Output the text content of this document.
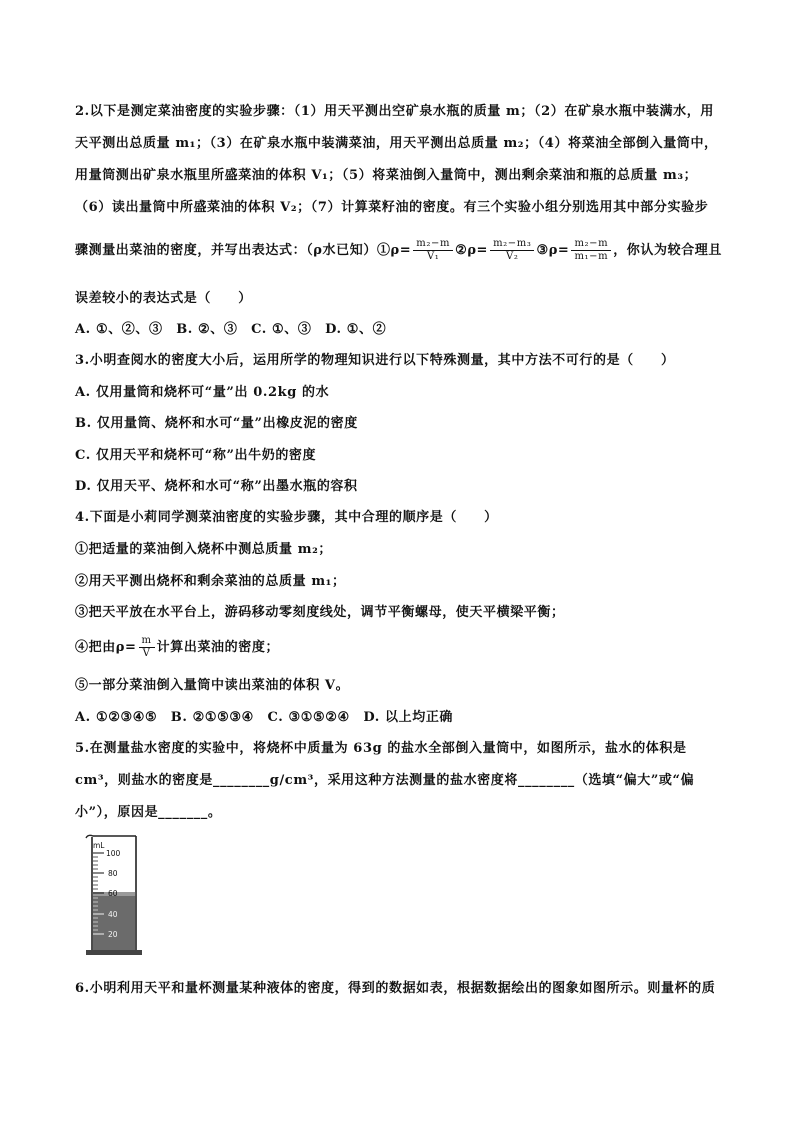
2.以下是测定菜油密度的实验步骤：（1）用天平测出空矿泉水瓶的质量 m；（2）在矿泉水瓶中装满水，用
天平测出总质量 m₁；（3）在矿泉水瓶中装满菜油，用天平测出总质量 m₂；（4）将菜油全部倒入量筒中，
用量筒测出矿泉水瓶里所盛菜油的体积 V₁；（5）将菜油倒入量筒中，测出剩余菜油和瓶的总质量 m₃；
（6）读出量筒中所盛菜油的体积 V₂；（7）计算菜籽油的密度。有三个实验小组分别选用其中部分实验步
骤测量出菜油的密度，并写出表达式：（ρ水已知）①ρ= $\frac{\text{m₂−m}}{\text{V₁}}$ ②ρ= $\frac{\text{m₂−m₃}}{\text{V₂}}$ ③ρ= $\frac{\text{m₂−m}}{\text{m₁−m}}$ ，你认为较合理且
误差较小的表达式是（　　）
A. ①、②、③　B. ②、③　C. ①、③　D. ①、②
3.小明查阅水的密度大小后，运用所学的物理知识进行以下特殊测量，其中方法不可行的是（　　）
A. 仅用量筒和烧杯可“量”出 0.2kg 的水
B. 仅用量筒、烧杯和水可“量”出橡皮泥的密度
C. 仅用天平和烧杯可“称”出牛奶的密度
D. 仅用天平、烧杯和水可“称”出墨水瓶的容积
4.下面是小莉同学测菜油密度的实验步骤，其中合理的顺序是（　　）
①把适量的菜油倒入烧杯中测总质量 m₂；
②用天平测出烧杯和剩余菜油的总质量 m₁；
③把天平放在水平台上，游码移动零刻度线处，调节平衡螺母，使天平横梁平衡；
④把由$\rho= \frac{m}{V}$ 计算出菜油的密度；
⑤一部分菜油倒入量筒中读出菜油的体积 V。
A. ①②③④⑤　B. ②①⑤③④　C. ③①⑤②④　D. 以上均正确
5.在测量盐水密度的实验中，将烧杯中质量为 63g 的盐水全部倒入量筒中，如图所示，盐水的体积是
cm³，则盐水的密度是________g/cm³，采用这种方法测量的盐水密度将________（选填“偏大”或“偏
小”），原因是_______。
mL
100
80
60
40
20
6.小明利用天平和量杯测量某种液体的密度，得到的数据如表，根据数据绘出的图象如图所示。则量杯的质
